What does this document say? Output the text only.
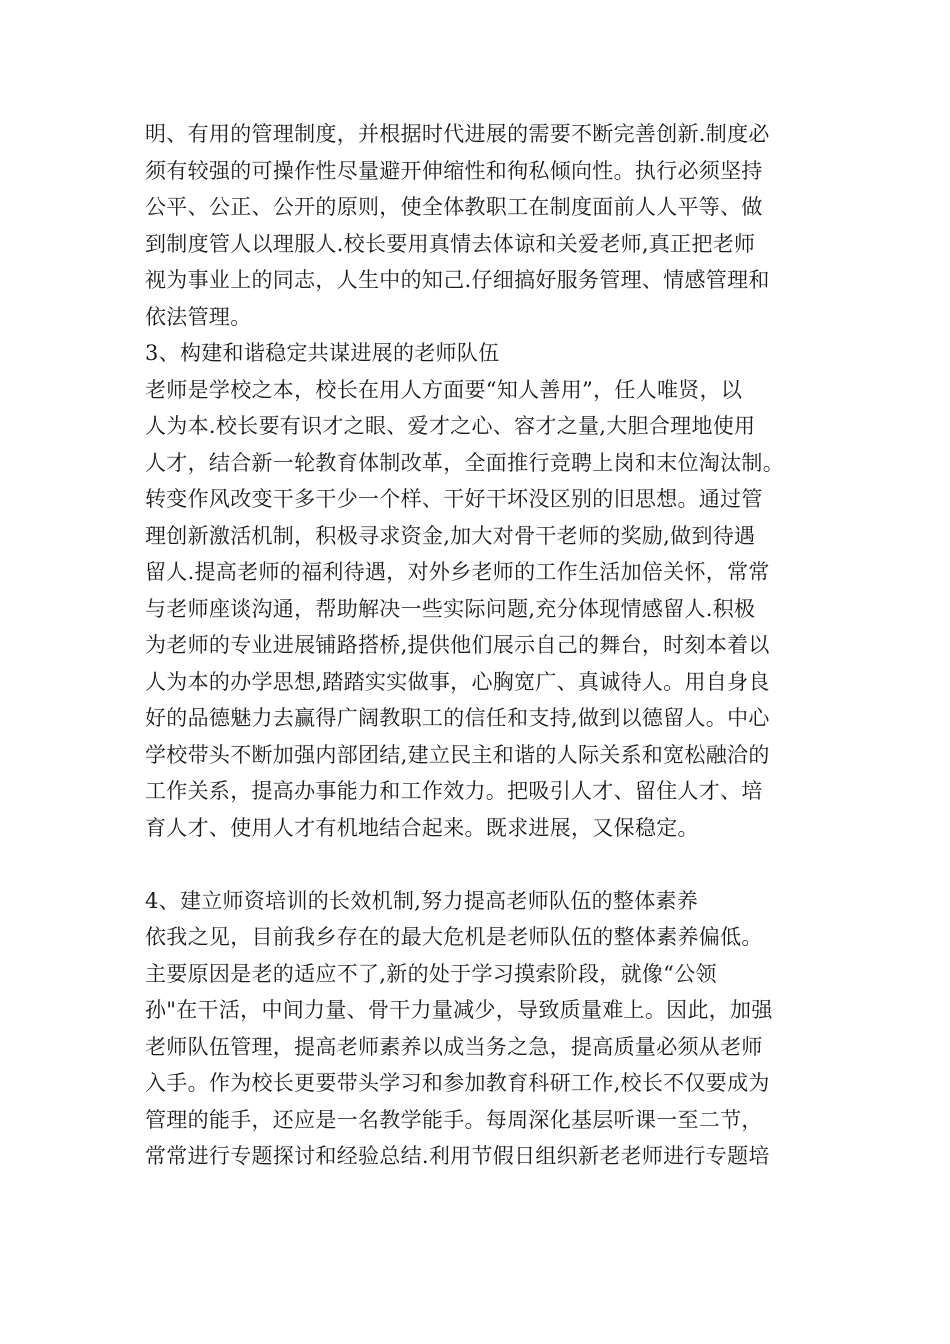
明、有用的管理制度，并根据时代进展的需要不断完善创新.制度必
须有较强的可操作性尽量避开伸缩性和徇私倾向性。执行必须坚持
公平、公正、公开的原则，使全体教职工在制度面前人人平等、做
到制度管人以理服人.校长要用真情去体谅和关爱老师,真正把老师
视为事业上的同志，人生中的知己.仔细搞好服务管理、情感管理和
依法管理。
3、构建和谐稳定共谋进展的老师队伍
老师是学校之本，校长在用人方面要“知人善用”，任人唯贤，以
人为本.校长要有识才之眼、爱才之心、容才之量,大胆合理地使用
人才，结合新一轮教育体制改革，全面推行竞聘上岗和末位淘汰制。
转变作风改变干多干少一个样、干好干坏没区别的旧思想。通过管
理创新激活机制，积极寻求资金,加大对骨干老师的奖励,做到待遇
留人.提高老师的福利待遇，对外乡老师的工作生活加倍关怀，常常
与老师座谈沟通，帮助解决一些实际问题,充分体现情感留人.积极
为老师的专业进展铺路搭桥,提供他们展示自己的舞台，时刻本着以
人为本的办学思想,踏踏实实做事，心胸宽广、真诚待人。用自身良
好的品德魅力去赢得广阔教职工的信任和支持,做到以德留人。中心
学校带头不断加强内部团结,建立民主和谐的人际关系和宽松融洽的
工作关系，提高办事能力和工作效力。把吸引人才、留住人才、培
育人才、使用人才有机地结合起来。既求进展，又保稳定。
4、建立师资培训的长效机制,努力提高老师队伍的整体素养
依我之见，目前我乡存在的最大危机是老师队伍的整体素养偏低。
主要原因是老的适应不了,新的处于学习摸索阶段，就像“公领
孙"在干活，中间力量、骨干力量减少，导致质量难上。因此，加强
老师队伍管理，提高老师素养以成当务之急，提高质量必须从老师
入手。作为校长更要带头学习和参加教育科研工作,校长不仅要成为
管理的能手，还应是一名教学能手。每周深化基层听课一至二节，
常常进行专题探讨和经验总结.利用节假日组织新老老师进行专题培
